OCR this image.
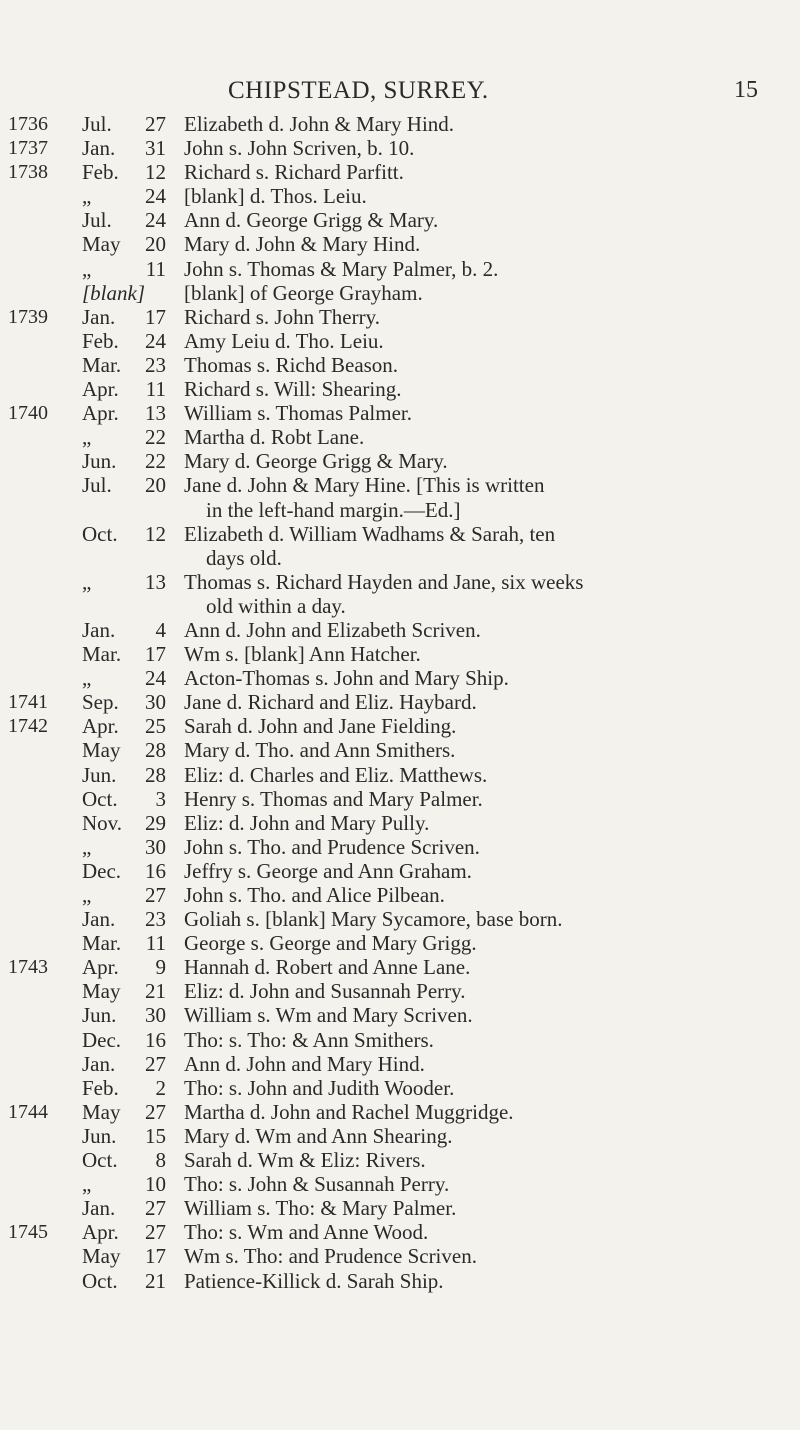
CHIPSTEAD, SURREY.	15
1736	Jul.	27 Elizabeth d. John & Mary Hind.
1737	Jan.	31 John s. John Scriven, b. 10.
1738	Feb.	12 Richard s. Richard Parfitt.
„	24 [blank] d. Thos. Leiu.
Jul.	24 Ann d. George Grigg & Mary.
May	20 Mary d. John & Mary Hind.
„	11 John s. Thomas & Mary Palmer, b. 2.
[blank] [blank] of George Grayham.
1739	Jan.	17 Richard s. John Therry.
Feb.	24 Amy Leiu d. Tho. Leiu.
Mar.	23 Thomas s. Richd Beason.
Apr.	11 Richard s. Will: Shearing.
1740	Apr.	13 William s. Thomas Palmer.
„	22 Martha d. Robt Lane.
Jun.	22 Mary d. George Grigg & Mary.
Jul.	20 Jane d. John & Mary Hine. [This is written
in the left-hand margin.—Ed.]
Oct.	12 Elizabeth d. William Wadhams & Sarah, ten
days old.
„	13 Thomas s. Richard Hayden and Jane, six weeks
old within a day.
Jan.	4 Ann d. John and Elizabeth Scriven.
Mar.	17 Wm s. [blank] Ann Hatcher.
„	24 Acton-Thomas s. John and Mary Ship.
1741	Sep.	30 Jane d. Richard and Eliz. Haybard.
1742	Apr.	25 Sarah d. John and Jane Fielding.
May	28 Mary d. Tho. and Ann Smithers.
Jun.	28 Eliz: d. Charles and Eliz. Matthews.
Oct.	3 Henry s. Thomas and Mary Palmer.
Nov.	29 Eliz: d. John and Mary Pully.
„	30 John s. Tho. and Prudence Scriven.
Dec.	16 Jeffry s. George and Ann Graham.
„	27 John s. Tho. and Alice Pilbean.
Jan.	23 Goliah s. [blank] Mary Sycamore, base born.
Mar.	11 George s. George and Mary Grigg.
1743	Apr.	9 Hannah d. Robert and Anne Lane.
May	21 Eliz: d. John and Susannah Perry.
Jun.	30 William s. Wm and Mary Scriven.
Dec.	16 Tho: s. Tho: & Ann Smithers.
Jan.	27 Ann d. John and Mary Hind.
Feb.	2 Tho: s. John and Judith Wooder.
1744	May	27 Martha d. John and Rachel Muggridge.
Jun.	15 Mary d. Wm and Ann Shearing.
Oct.	8 Sarah d. Wm & Eliz: Rivers.
„	10 Tho: s. John & Susannah Perry.
Jan.	27 William s. Tho: & Mary Palmer.
1745	Apr.	27 Tho: s. Wm and Anne Wood.
May	17 Wm s. Tho: and Prudence Scriven.
Oct.	21 Patience-Killick d. Sarah Ship.
